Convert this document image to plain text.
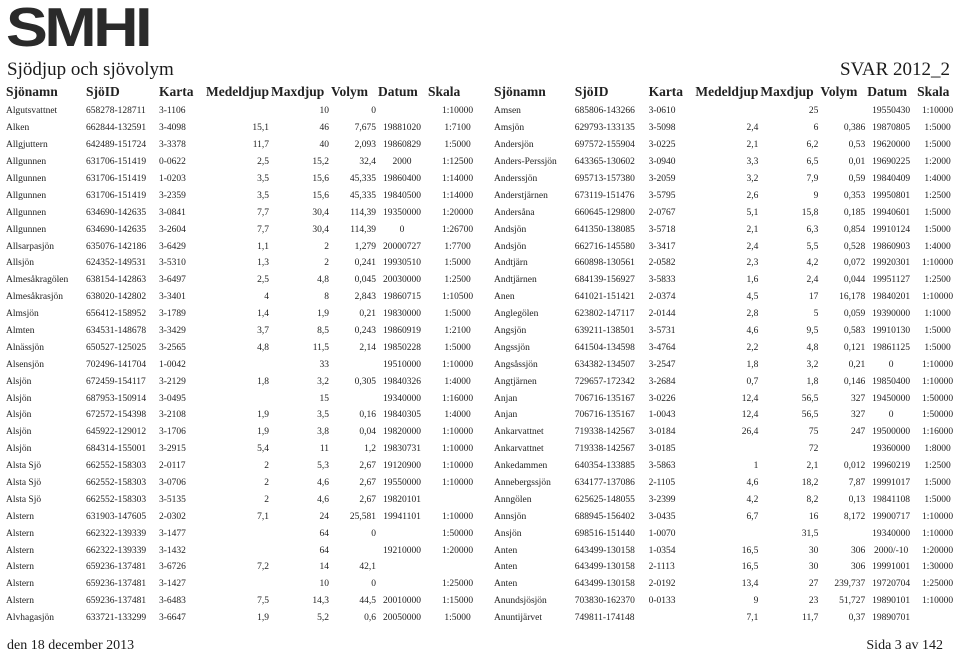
SMHI
Sjödjup och sjövolym	SVAR 2012_2
Sjönamn	SjöID	Karta	Medeldjup	Maxdjup	Volym	Datum	Skala
Algutsvattnet	658278-128711	3-1106		10	0		1:10000
Alken	662844-132591	3-4098	15,1	46	7,675	19881020	1:7100
Allgjuttern	642489-151724	3-3378	11,7	40	2,093	19860829	1:5000
Allgunnen	631706-151419	0-0622	2,5	15,2	32,4	2000	1:12500
Allgunnen	631706-151419	1-0203	3,5	15,6	45,335	19860400	1:14000
Allgunnen	631706-151419	3-2359	3,5	15,6	45,335	19840500	1:14000
Allgunnen	634690-142635	3-0841	7,7	30,4	114,39	19350000	1:20000
Allgunnen	634690-142635	3-2604	7,7	30,4	114,39	0	1:26700
Allsarpasjön	635076-142186	3-6429	1,1	2	1,279	20000727	1:7700
Allsjön	624352-149531	3-5310	1,3	2	0,241	19930510	1:5000
Almesåkragölen	638154-142863	3-6497	2,5	4,8	0,045	20030000	1:2500
Almesåkrasjön	638020-142802	3-3401	4	8	2,843	19860715	1:10500
Almsjön	656412-158952	3-1789	1,4	1,9	0,21	19830000	1:5000
Almten	634531-148678	3-3429	3,7	8,5	0,243	19860919	1:2100
Alnässjön	650527-125025	3-2565	4,8	11,5	2,14	19850228	1:5000
Alsensjön	702496-141704	1-0042		33		19510000	1:10000
Alsjön	672459-154117	3-2129	1,8	3,2	0,305	19840326	1:4000
Alsjön	687953-150914	3-0495		15		19340000	1:16000
Alsjön	672572-154398	3-2108	1,9	3,5	0,16	19840305	1:4000
Alsjön	645922-129012	3-1706	1,9	3,8	0,04	19820000	1:10000
Alsjön	684314-155001	3-2915	5,4	11	1,2	19830731	1:10000
Alsta Sjö	662552-158303	2-0117	2	5,3	2,67	19120900	1:10000
Alsta Sjö	662552-158303	3-0706	2	4,6	2,67	19550000	1:10000
Alsta Sjö	662552-158303	3-5135	2	4,6	2,67	19820101	
Alstern	631903-147605	2-0302	7,1	24	25,581	19941101	1:10000
Alstern	662322-139339	3-1477		64	0		1:50000
Alstern	662322-139339	3-1432		64		19210000	1:20000
Alstern	659236-137481	3-6726	7,2	14	42,1		
Alstern	659236-137481	3-1427		10	0		1:25000
Alstern	659236-137481	3-6483	7,5	14,3	44,5	20010000	1:15000
Alvhagasjön	633721-133299	3-6647	1,9	5,2	0,6	20050000	1:5000
Sjönamn	SjöID	Karta	Medeldjup	Maxdjup	Volym	Datum	Skala
Amsen	685806-143266	3-0610		25		19550430	1:10000
Amsjön	629793-133135	3-5098	2,4	6	0,386	19870805	1:5000
Andersjön	697572-155904	3-0225	2,1	6,2	0,53	19620000	1:5000
Anders-Perssjön	643365-130602	3-0940	3,3	6,5	0,01	19690225	1:2000
Anderssjön	695713-157380	3-2059	3,2	7,9	0,59	19840409	1:4000
Anderstjärnen	673119-151476	3-5795	2,6	9	0,353	19950801	1:2500
Andersåna	660645-129800	2-0767	5,1	15,8	0,185	19940601	1:5000
Andsjön	641350-138085	3-5718	2,1	6,3	0,854	19910124	1:5000
Andsjön	662716-145580	3-3417	2,4	5,5	0,528	19860903	1:4000
Andtjärn	660898-130561	2-0582	2,3	4,2	0,072	19920301	1:10000
Andtjärnen	684139-156927	3-5833	1,6	2,4	0,044	19951127	1:2500
Anen	641021-151421	2-0374	4,5	17	16,178	19840201	1:10000
Anglegölen	623802-147117	2-0144	2,8	5	0,059	19390000	1:1000
Angsjön	639211-138501	3-5731	4,6	9,5	0,583	19910130	1:5000
Angssjön	641504-134598	3-4764	2,2	4,8	0,121	19861125	1:5000
Angsåssjön	634382-134507	3-2547	1,8	3,2	0,21	0	1:10000
Angtjärnen	729657-172342	3-2684	0,7	1,8	0,146	19850400	1:10000
Anjan	706716-135167	3-0226	12,4	56,5	327	19450000	1:50000
Anjan	706716-135167	1-0043	12,4	56,5	327	0	1:50000
Ankarvattnet	719338-142567	3-0184	26,4	75	247	19500000	1:16000
Ankarvattnet	719338-142567	3-0185		72		19360000	1:8000
Ankedammen	640354-133885	3-5863	1	2,1	0,012	19960219	1:2500
Annebergssjön	634177-137086	2-1105	4,6	18,2	7,87	19991017	1:5000
Anngölen	625625-148055	3-2399	4,2	8,2	0,13	19841108	1:5000
Annsjön	688945-156402	3-0435	6,7	16	8,172	19900717	1:10000
Ansjön	698516-151440	1-0070		31,5		19340000	1:10000
Anten	643499-130158	1-0354	16,5	30	306	2000/-10	1:20000
Anten	643499-130158	2-1113	16,5	30	306	19991001	1:30000
Anten	643499-130158	2-0192	13,4	27	239,737	19720704	1:25000
Anundsjösjön	703830-162370	0-0133	9	23	51,727	19890101	1:10000
Anuntijärvet	749811-174148		7,1	11,7	0,37	19890701	
den 18 december 2013	Sida 3 av 142
